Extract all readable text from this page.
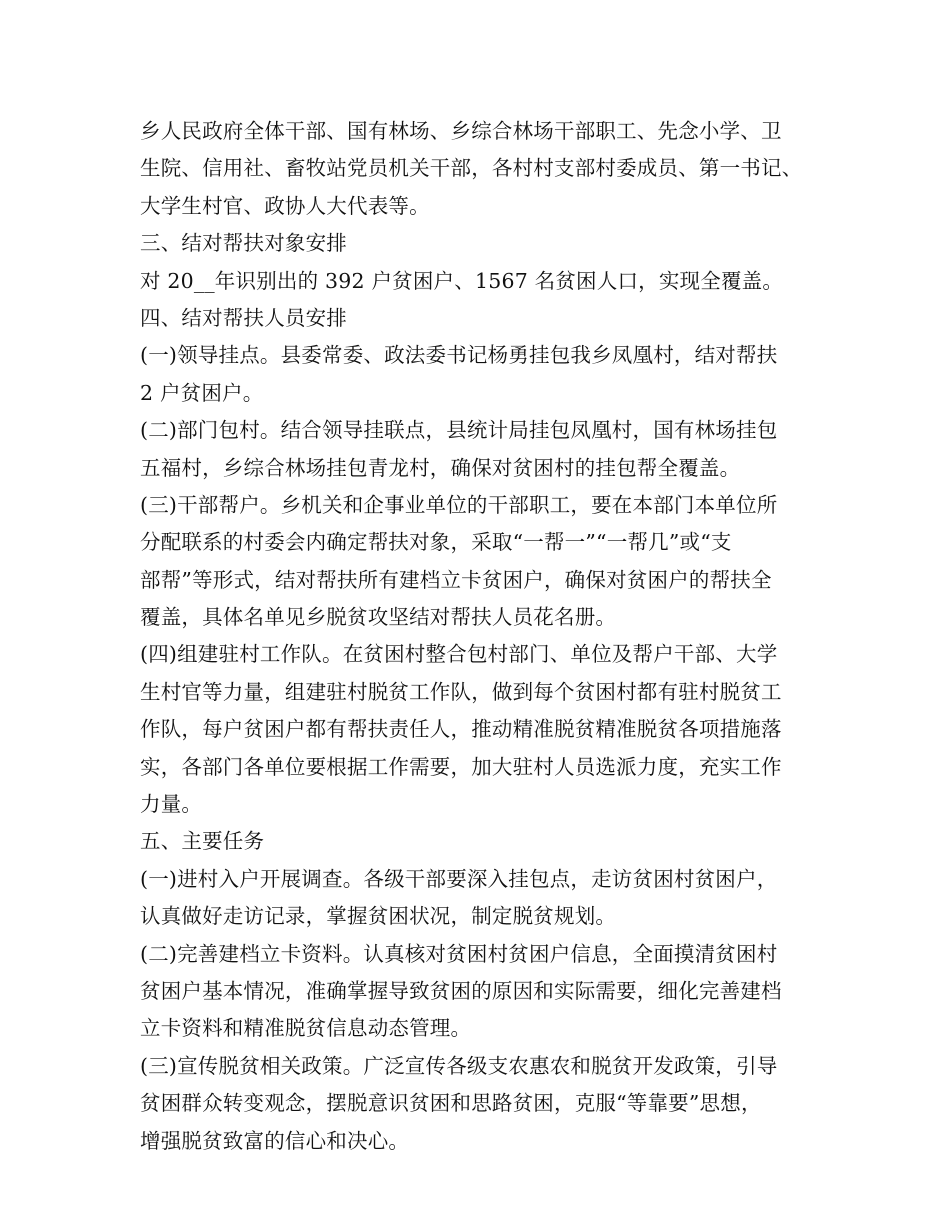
乡人民政府全体干部、国有林场、乡综合林场干部职工、先念小学、卫
生院、信用社、畜牧站党员机关干部，各村村支部村委成员、第一书记、
大学生村官、政协人大代表等。
三、结对帮扶对象安排
对 20__年识别出的 392 户贫困户、1567 名贫困人口，实现全覆盖。
四、结对帮扶人员安排
(一)领导挂点。县委常委、政法委书记杨勇挂包我乡凤凰村，结对帮扶
2 户贫困户。
(二)部门包村。结合领导挂联点，县统计局挂包凤凰村，国有林场挂包
五福村，乡综合林场挂包青龙村，确保对贫困村的挂包帮全覆盖。
(三)干部帮户。乡机关和企事业单位的干部职工，要在本部门本单位所
分配联系的村委会内确定帮扶对象，采取“一帮一”“一帮几”或“支
部帮”等形式，结对帮扶所有建档立卡贫困户，确保对贫困户的帮扶全
覆盖，具体名单见乡脱贫攻坚结对帮扶人员花名册。
(四)组建驻村工作队。在贫困村整合包村部门、单位及帮户干部、大学
生村官等力量，组建驻村脱贫工作队，做到每个贫困村都有驻村脱贫工
作队，每户贫困户都有帮扶责任人，推动精准脱贫精准脱贫各项措施落
实，各部门各单位要根据工作需要，加大驻村人员选派力度，充实工作
力量。
五、主要任务
(一)进村入户开展调查。各级干部要深入挂包点，走访贫困村贫困户，
认真做好走访记录，掌握贫困状况，制定脱贫规划。
(二)完善建档立卡资料。认真核对贫困村贫困户信息，全面摸清贫困村
贫困户基本情况，准确掌握导致贫困的原因和实际需要，细化完善建档
立卡资料和精准脱贫信息动态管理。
(三)宣传脱贫相关政策。广泛宣传各级支农惠农和脱贫开发政策，引导
贫困群众转变观念，摆脱意识贫困和思路贫困，克服“等靠要”思想，
增强脱贫致富的信心和决心。
